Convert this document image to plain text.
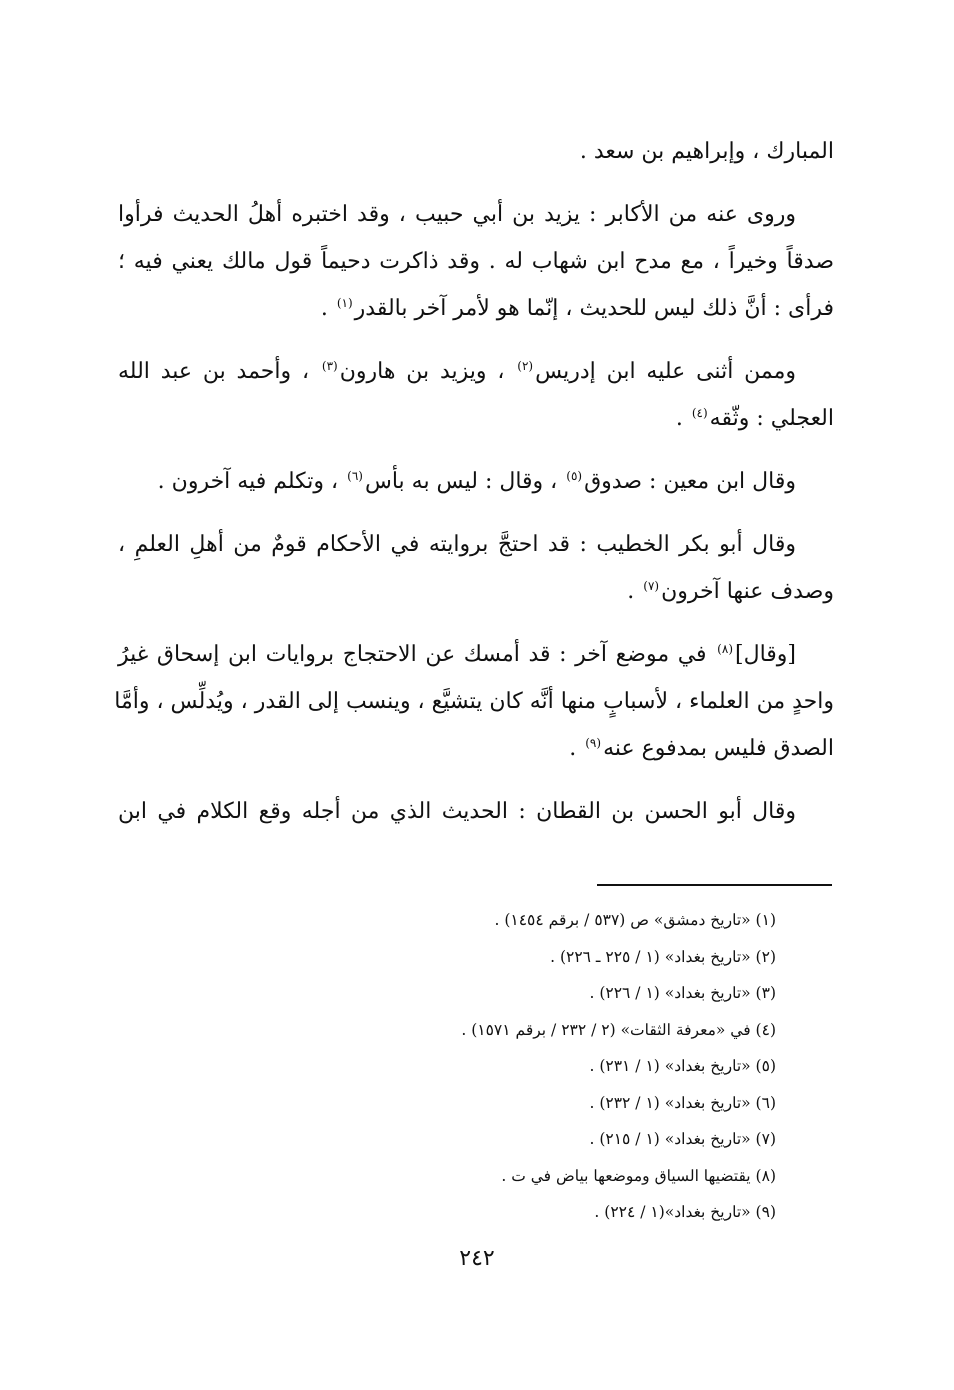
المبارك ، وإبراهيم بن سعد .

وروى عنه من الأكابر : يزيد بن أبي حبيب ، وقد اختبره أهلُ الحديث فرأوا
صدقاً وخيراً ، مع مدح ابن شهاب له . وقد ذاكرت دحيماً قول مالك يعني فيه ؛
فرأى : أنَّ ذلك ليس للحديث ، إنّما هو لأمر آخر بالقدر$^{(١)}$ .

وممن أثنى عليه ابن إدريس$^{(٢)}$ ، ويزيد بن هارون$^{(٣)}$ ، وأحمد بن عبد الله
العجلي : وثّقه$^{(٤)}$ .

وقال ابن معين : صدوق$^{(٥)}$ ، وقال : ليس به بأس$^{(٦)}$ ، وتكلم فيه آخرون .

وقال أبو بكر الخطيب : قد احتجَّ بروايته في الأحكام قومٌ من أهلِ العلمِ ،
وصدف عنها آخرون$^{(٧)}$ .

[وقال]$^{(٨)}$ في موضع آخر : قد أمسك عن الاحتجاج بروايات ابن إسحاق غيرُ
واحدٍ من العلماء ، لأسبابٍ منها أنَّه كان يتشيَّع ، وينسب إلى القدر ، ويُدلِّس ، وأمَّا
الصدق فليس بمدفوع عنه$^{(٩)}$ .

وقال أبو الحسن بن القطان : الحديث الذي من أجله وقع الكلام في ابن

(١) «تاريخ دمشق» ص (٥٣٧ / برقم ١٤٥٤) .
(٢) «تاريخ بغداد» (١ / ٢٢٥ ـ ٢٢٦) .
(٣) «تاريخ بغداد» (١ / ٢٢٦) .
(٤) في «معرفة الثقات» (٢ / ٢٣٢ / برقم ١٥٧١) .
(٥) «تاريخ بغداد» (١ / ٢٣١) .
(٦) «تاريخ بغداد» (١ / ٢٣٢) .
(٧) «تاريخ بغداد» (١ / ٢١٥) .
(٨) يقتضيها السياق وموضعها بياض في ت .
(٩) «تاريخ بغداد»(١ / ٢٢٤) .
٢٤٢
